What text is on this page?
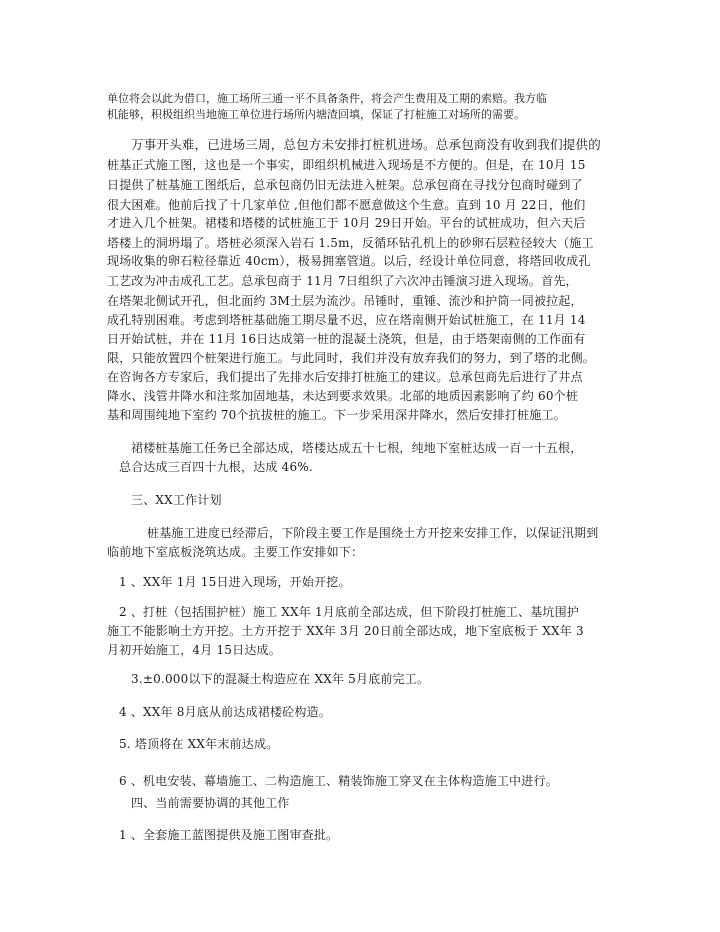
单位将会以此为借口，施工场所三通一平不具备条件，将会产生费用及工期的索赔。我方临
机能够，积极组织当地施工单位进行场所内塘渣回填，保证了打桩施工对场所的需要。
万事开头难，已进场三周，总包方未安排打桩机进场。总承包商没有收到我们提供的
桩基正式施工图，这也是一个事实，即组织机械进入现场是不方便的。但是，在 10月 15
日提供了桩基施工图纸后，总承包商仍旧无法进入桩架。总承包商在寻找分包商时碰到了
很大困难。他前后找了十几家单位 ,但他们都不愿意做这个生意。直到 10 月 22日，他们
才进入几个桩架。裙楼和塔楼的试桩施工于 10月 29日开始。平台的试桩成功，但六天后
塔楼上的洞坍塌了。塔桩必须深入岩石 1.5m，反循环钻孔机上的砂卵石层粒径较大（施工
现场收集的卵石粒径靠近 40cm），极易拥塞管道。以后，经设计单位同意，将塔回收成孔
工艺改为冲击成孔工艺。总承包商于 11月 7日组织了六次冲击锤演习进入现场。首先，
在塔架北侧试开孔，但北面约 3M土层为流沙。吊锤时，重锤、流沙和护筒一同被拉起，
成孔特别困难。考虑到塔桩基础施工期尽量不迟，应在塔南侧开始试桩施工，在 11月 14
日开始试桩，并在 11月 16日达成第一桩的混凝土浇筑，但是，由于塔架南侧的工作面有
限，只能放置四个桩架进行施工。与此同时，我们并没有放弃我们的努力，到了塔的北侧。
在咨询各方专家后，我们提出了先排水后安排打桩施工的建议。总承包商先后进行了井点
降水、浅管井降水和注浆加固地基，未达到要求效果。北部的地质因素影响了约 60个桩
基和周围纯地下室约 70个抗拔桩的施工。下一步采用深井降水，然后安排打桩施工。
裙楼桩基施工任务已全部达成，塔楼达成五十七根，纯地下室桩达成一百一十五根，
总合达成三百四十九根，达成 46%.
三、XX工作计划
桩基施工进度已经滞后，下阶段主要工作是围绕土方开挖来安排工作，以保证汛期到
临前地下室底板浇筑达成。主要工作安排如下：
1 、XX年 1月 15日进入现场，开始开挖。
2 、打桩（包括围护桩）施工 XX年 1月底前全部达成，但下阶段打桩施工、基坑围护
施工不能影响土方开挖。土方开挖于 XX年 3月 20日前全部达成，地下室底板于 XX年 3
月初开始施工，4月 15日达成。
3.±0.000以下的混凝土构造应在 XX年 5月底前完工。
4 、XX年 8月底从前达成裙楼砼构造。
5. 塔顶将在 XX年末前达成。
6 、机电安装、幕墙施工、二构造施工、精装饰施工穿叉在主体构造施工中进行。
四、当前需要协调的其他工作
1 、全套施工蓝图提供及施工图审查批。
